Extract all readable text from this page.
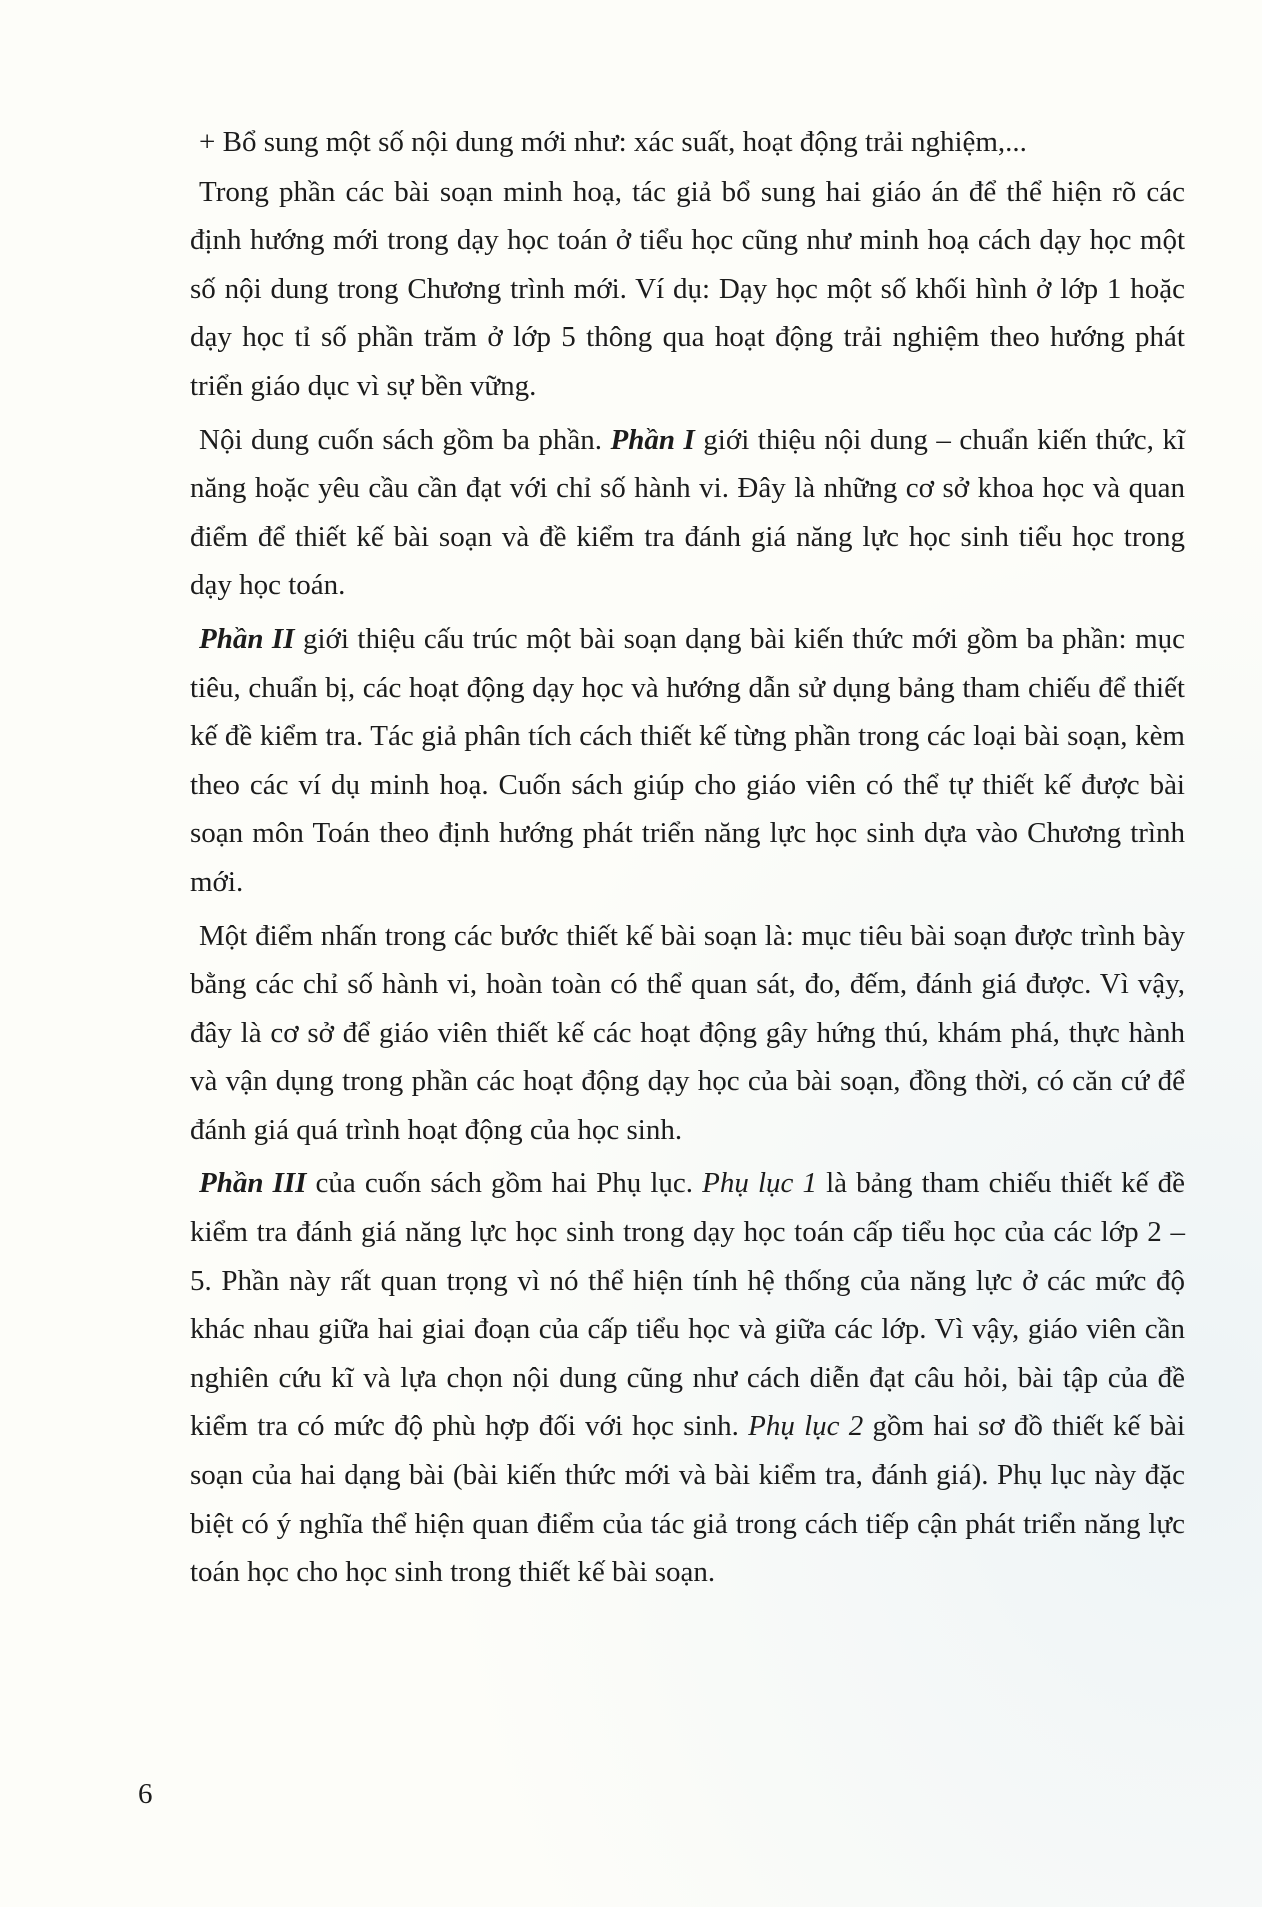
+ Bổ sung một số nội dung mới như: xác suất, hoạt động trải nghiệm,...

Trong phần các bài soạn minh hoạ, tác giả bổ sung hai giáo án để thể hiện rõ các định hướng mới trong dạy học toán ở tiểu học cũng như minh hoạ cách dạy học một số nội dung trong Chương trình mới. Ví dụ: Dạy học một số khối hình ở lớp 1 hoặc dạy học tỉ số phần trăm ở lớp 5 thông qua hoạt động trải nghiệm theo hướng phát triển giáo dục vì sự bền vững.

Nội dung cuốn sách gồm ba phần. Phần I giới thiệu nội dung – chuẩn kiến thức, kĩ năng hoặc yêu cầu cần đạt với chỉ số hành vi. Đây là những cơ sở khoa học và quan điểm để thiết kế bài soạn và đề kiểm tra đánh giá năng lực học sinh tiểu học trong dạy học toán.

Phần II giới thiệu cấu trúc một bài soạn dạng bài kiến thức mới gồm ba phần: mục tiêu, chuẩn bị, các hoạt động dạy học và hướng dẫn sử dụng bảng tham chiếu để thiết kế đề kiểm tra. Tác giả phân tích cách thiết kế từng phần trong các loại bài soạn, kèm theo các ví dụ minh hoạ. Cuốn sách giúp cho giáo viên có thể tự thiết kế được bài soạn môn Toán theo định hướng phát triển năng lực học sinh dựa vào Chương trình mới.

Một điểm nhấn trong các bước thiết kế bài soạn là: mục tiêu bài soạn được trình bày bằng các chỉ số hành vi, hoàn toàn có thể quan sát, đo, đếm, đánh giá được. Vì vậy, đây là cơ sở để giáo viên thiết kế các hoạt động gây hứng thú, khám phá, thực hành và vận dụng trong phần các hoạt động dạy học của bài soạn, đồng thời, có căn cứ để đánh giá quá trình hoạt động của học sinh.

Phần III của cuốn sách gồm hai Phụ lục. Phụ lục 1 là bảng tham chiếu thiết kế đề kiểm tra đánh giá năng lực học sinh trong dạy học toán cấp tiểu học của các lớp 2 – 5. Phần này rất quan trọng vì nó thể hiện tính hệ thống của năng lực ở các mức độ khác nhau giữa hai giai đoạn của cấp tiểu học và giữa các lớp. Vì vậy, giáo viên cần nghiên cứu kĩ và lựa chọn nội dung cũng như cách diễn đạt câu hỏi, bài tập của đề kiểm tra có mức độ phù hợp đối với học sinh. Phụ lục 2 gồm hai sơ đồ thiết kế bài soạn của hai dạng bài (bài kiến thức mới và bài kiểm tra, đánh giá). Phụ lục này đặc biệt có ý nghĩa thể hiện quan điểm của tác giả trong cách tiếp cận phát triển năng lực toán học cho học sinh trong thiết kế bài soạn.

6
